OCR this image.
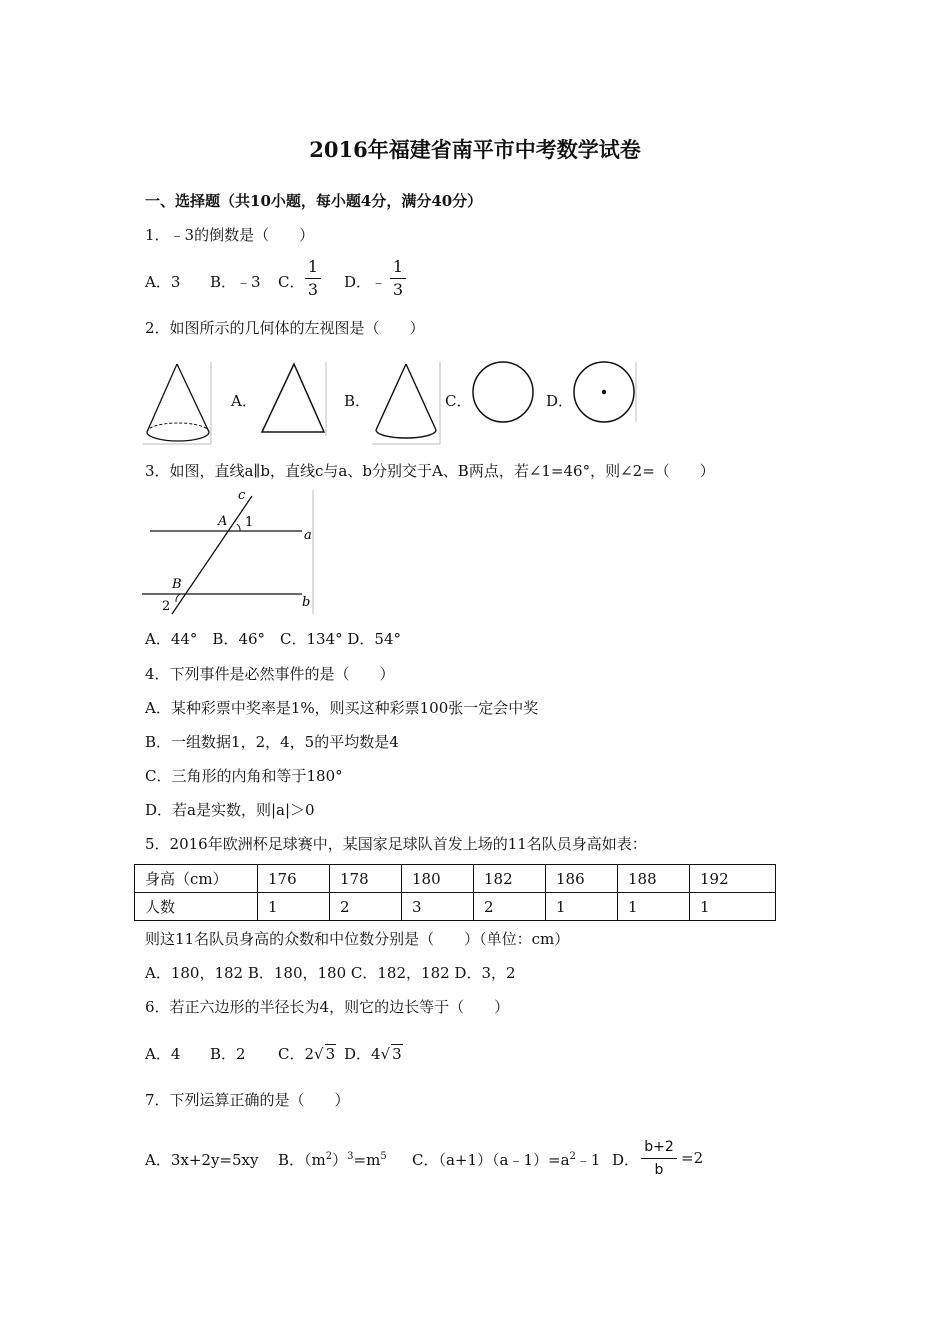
2016年福建省南平市中考数学试卷
一、选择题（共10小题，每小题4分，满分40分）
1．﹣3的倒数是（　　）
A．3 B．﹣3 C．
1
3 D．﹣
1
3
2．如图所示的几何体的左视图是（　　）
A．	B．	C．	D．
3．如图，直线a∥b，直线c与a、b分别交于A、B两点，若∠1=46°，则∠2=（　　）
c
A 1
a
B
2	b
A．44°　B．46°　C．134° D．54°
4．下列事件是必然事件的是（　　）
A．某种彩票中奖率是1%，则买这种彩票100张一定会中奖
B．一组数据1，2，4，5的平均数是4
C．三角形的内角和等于180°
D．若a是实数，则|a|＞0
5．2016年欧洲杯足球赛中，某国家足球队首发上场的11名队员身高如表：
身高（cm）	176	178	180	182	186	188	192
人数	1	2	3	2	1	1	1
则这11名队员身高的众数和中位数分别是（　　）（单位：cm）
A．180，182 B．180，180 C．182，182 D．3，2
6．若正六边形的半径长为4，则它的边长等于（　　）
A．4 B．2 C．2√ 3 D．4√ 3
7．下列运算正确的是（　　）
A．3x+2y=5xy B．$(m^2)^3=m^5$ C．$(a+1)(a﹣1)=a^2﹣1$ D．
b+2
b
=2
